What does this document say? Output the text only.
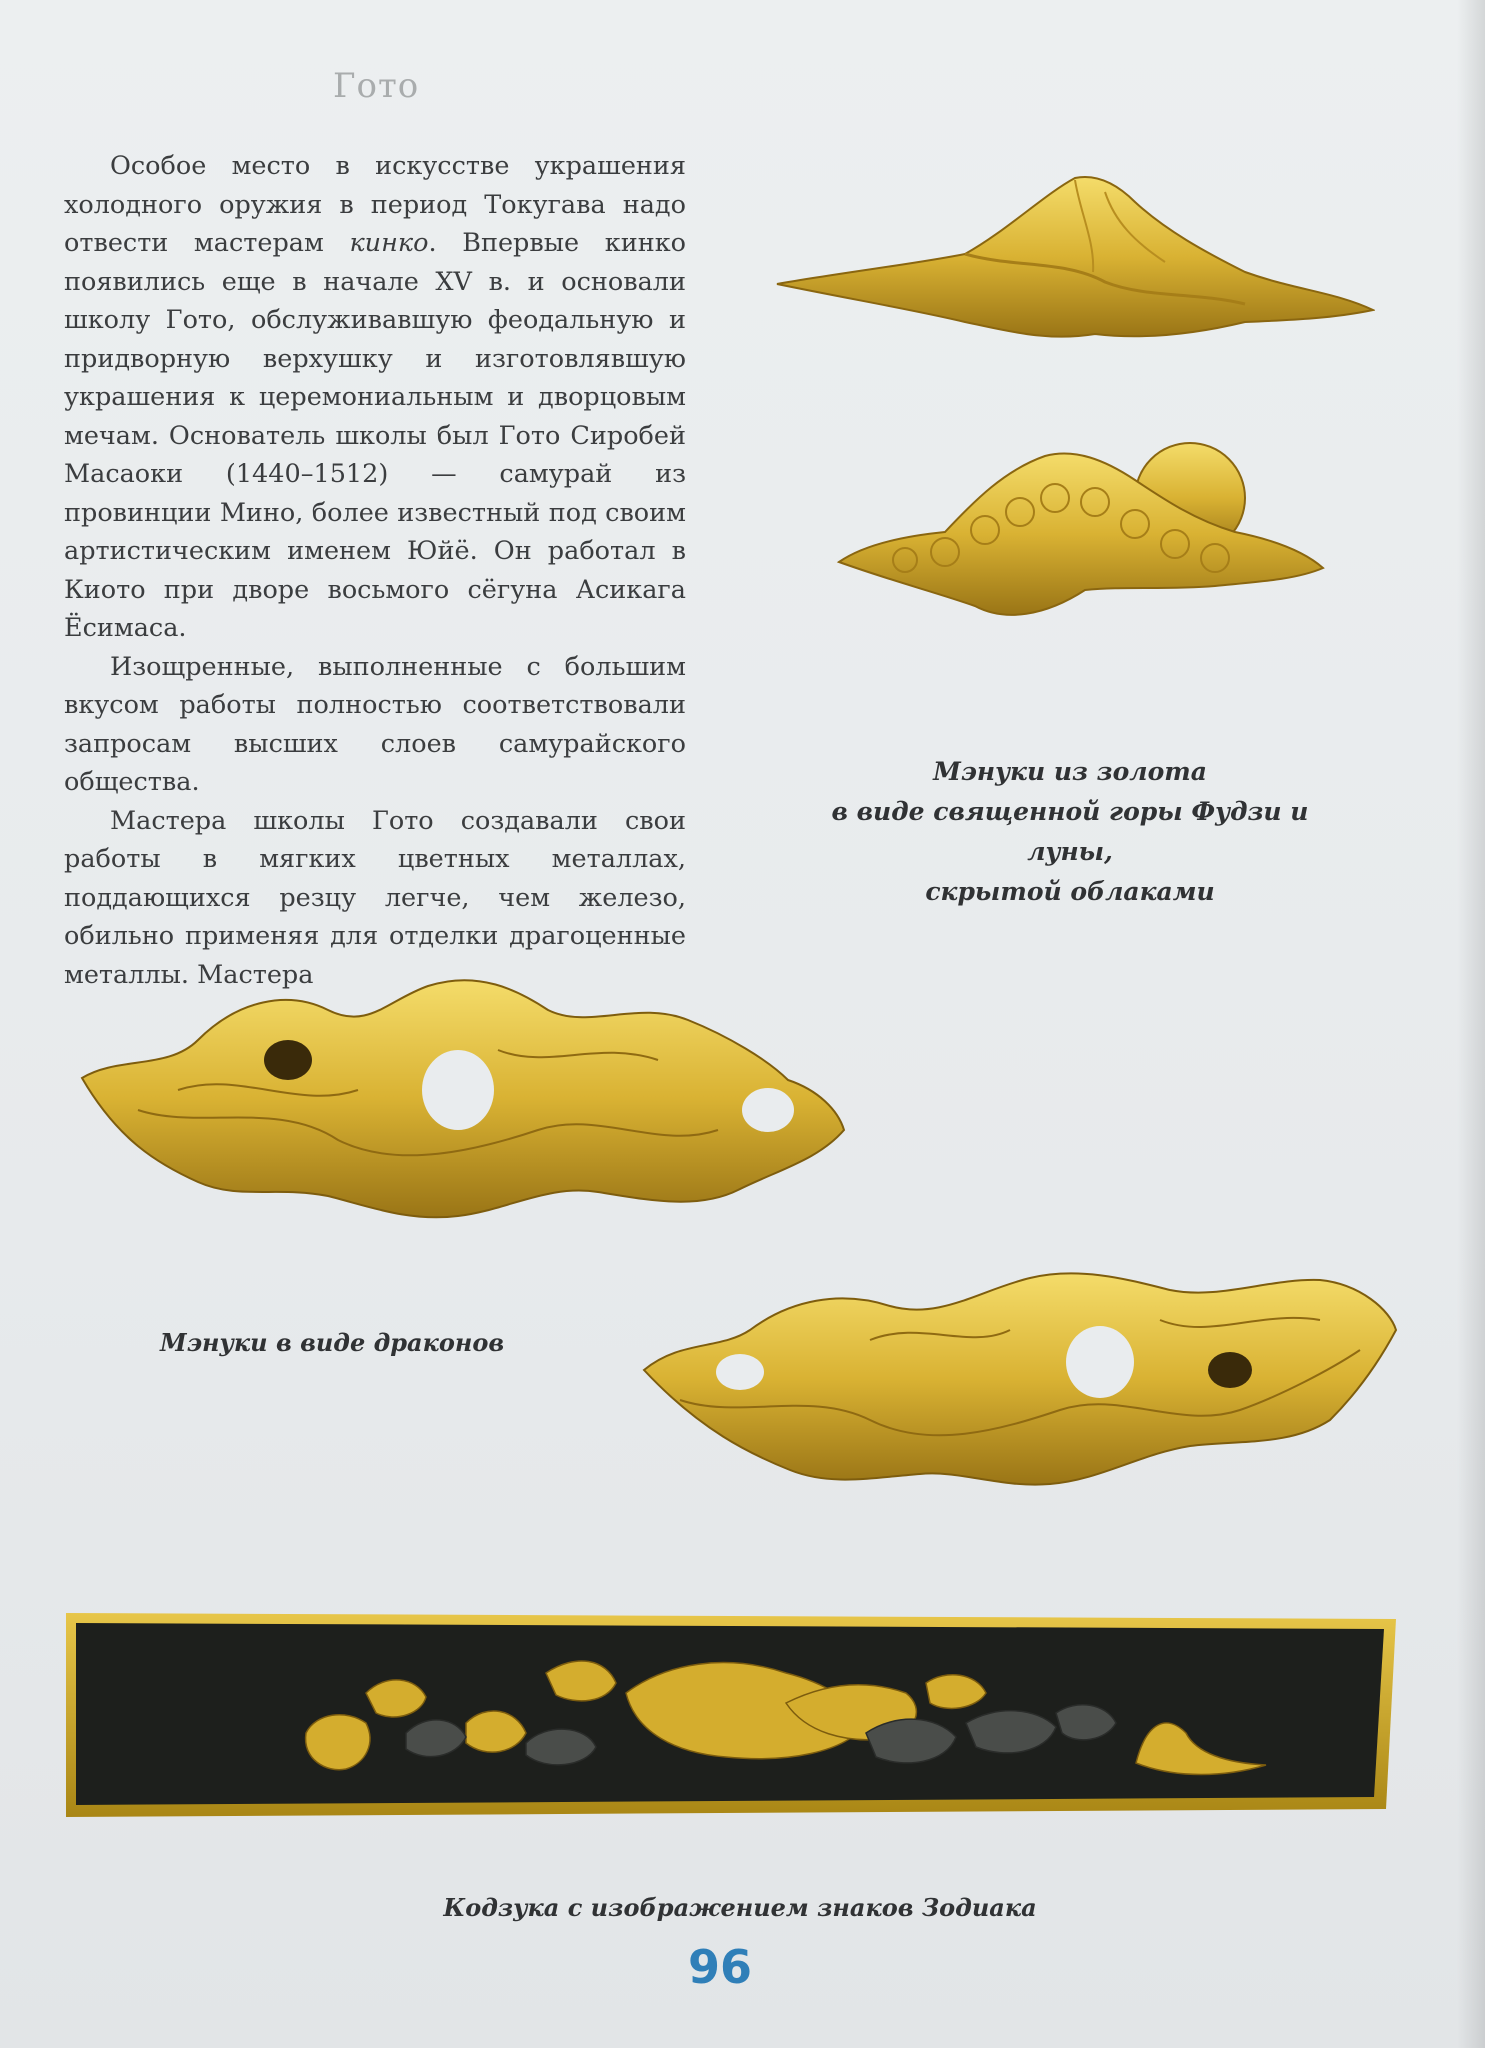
Гото

Особое место в искусстве украшения холодного оружия в период Токугава надо отвести мастерам кинко. Впервые кинко появились еще в начале XV в. и основали школу Гото, обслуживавшую феодальную и придворную верхушку и изготовлявшую украшения к церемониальным и дворцовым мечам. Основатель школы был Гото Сиробей Масаоки (1440–1512) — самурай из провинции Мино, более известный под своим артистическим именем Юйё. Он работал в Киото при дворе восьмого сёгуна Асикага Ёсимаса.

Изощренные, выполненные с большим вкусом работы полностью соответствовали запросам высших слоев самурайского общества.

Мастера школы Гото создавали свои работы в мягких цветных металлах, поддающихся резцу легче, чем железо, обильно применяя для отделки драгоценные металлы. Мастера

Мэнуки из золота
в виде священной горы Фудзи и луны,
скрытой облаками
Мэнуки в виде драконов
Кодзука с изображением знаков Зодиака
96
